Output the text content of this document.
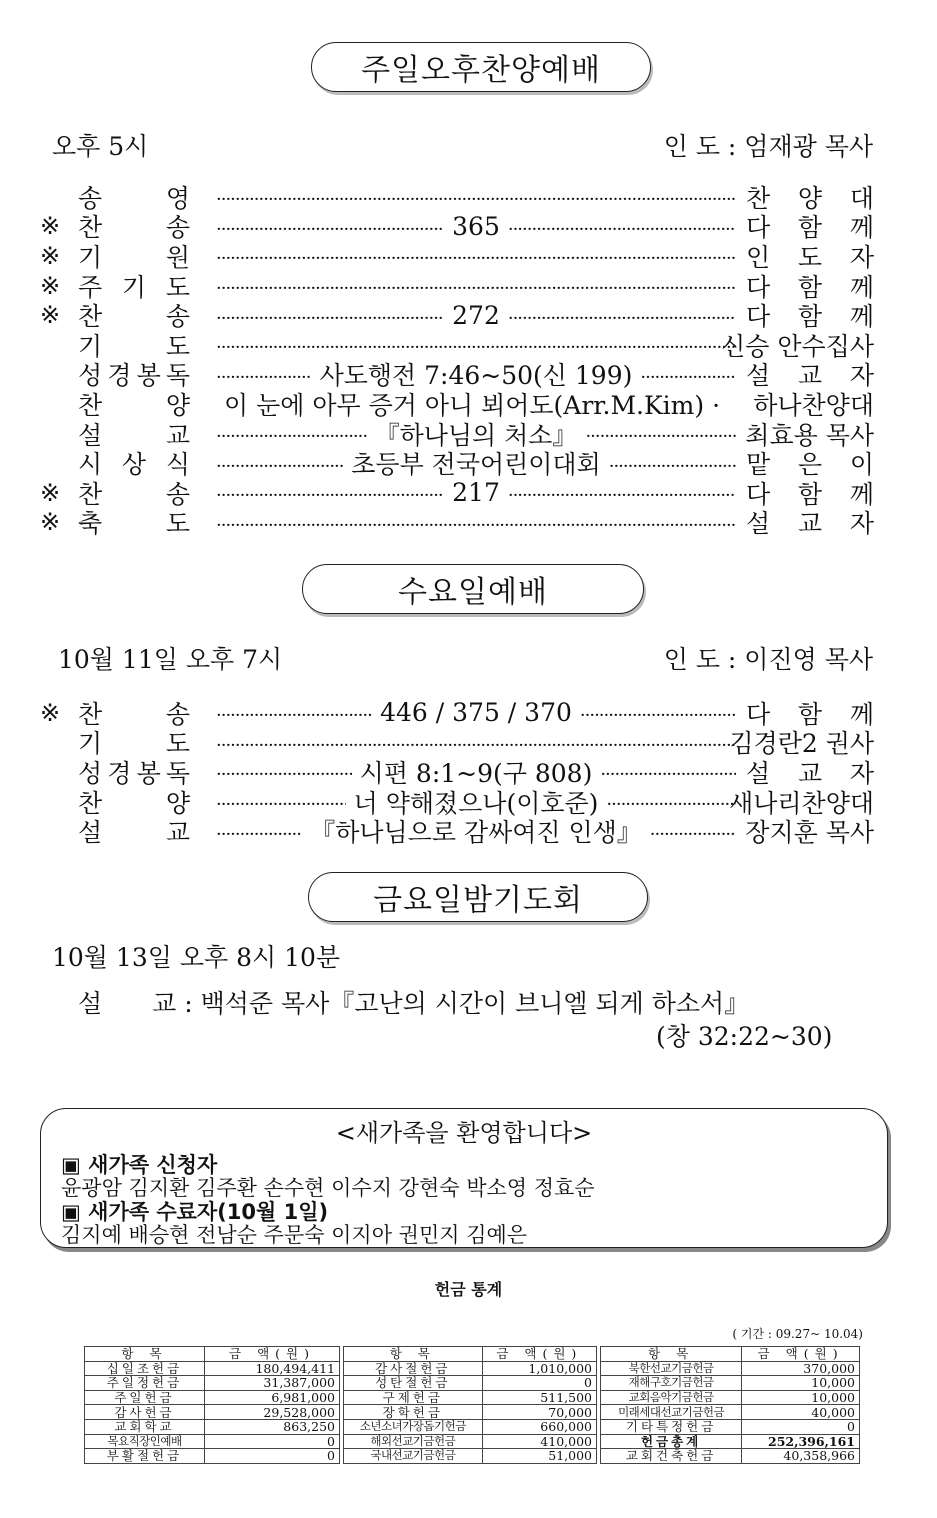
주일오후찬양예배
오후 5시	인 도 : 엄재광 목사
송	영 ·····	찬 양 대
※ 찬	송 ·····	365 ·····	다 함 께
※ 기	원 ·····	인 도 자
※ 주 기 도 ·····	다 함 께
※ 찬	송 ·····	272 ·····	다 함 께
기	도 ·····	신승 안수집사
성 경 봉 독 ·····	사도행전 7:46~50(신 199) ·····	설 교 자
찬	양	이 눈에 아무 증거 아니 뵈어도(Arr.M.Kim) ·	하나찬양대
설	교 ·····	『하나님의 처소』 ·····	최효용 목사
시 상 식 ·····	초등부 전국어린이대회 ·····	맡 은 이
※ 찬	송 ·····	217 ·····	다 함 께
※ 축	도 ·····	설 교 자
수요일예배
10월 11일 오후 7시	인 도 : 이진영 목사
※ 찬	송 ·····	446 / 375 / 370 ·····	다 함 께
기	도 ·····	김경란2 권사
성 경 봉 독 ·····	시편 8:1~9(구 808) ·····	설 교 자
찬	양 ·····	너 약해졌으나(이호준) ·····	새나리찬양대
설	교 ·····	『하나님으로 감싸여진 인생』 ·····	장지훈 목사
금요일밤기도회
10월 13일 오후 8시 10분
설　　교 : 백석준 목사『고난의 시간이 브니엘 되게 하소서』
(창 32:22~30)
<새가족을 환영합니다>
▣ 새가족 신청자
윤광암 김지환 김주환 손수현 이수지 강현숙 박소영 정효순
▣ 새가족 수료자(10월 1일)
김지예 배승현 전남순 주문숙 이지아 권민지 김예은
헌금 통계
( 기간 : 09.27~ 10.04)
항 목	금 액(원)
십일조헌금	180,494,411
주일정헌금	31,387,000
주일헌금	6,981,000
감사헌금	29,528,000
교회학교	863,250
목요직장인예배	0
부활절헌금	0
항 목	금 액(원)
감사절헌금	1,010,000
성탄절헌금	0
구제헌금	511,500
장학헌금	70,000
소년소녀가장돕기헌금	660,000
해외선교기금헌금	410,000
국내선교기금헌금	51,000
항 목	금 액(원)
북한선교기금헌금	370,000
재해구호기금헌금	10,000
교회음악기금헌금	10,000
미래세대선교기금헌금	40,000
기타특정헌금	0
헌금총계	252,396,161
교회건축헌금	40,358,966
